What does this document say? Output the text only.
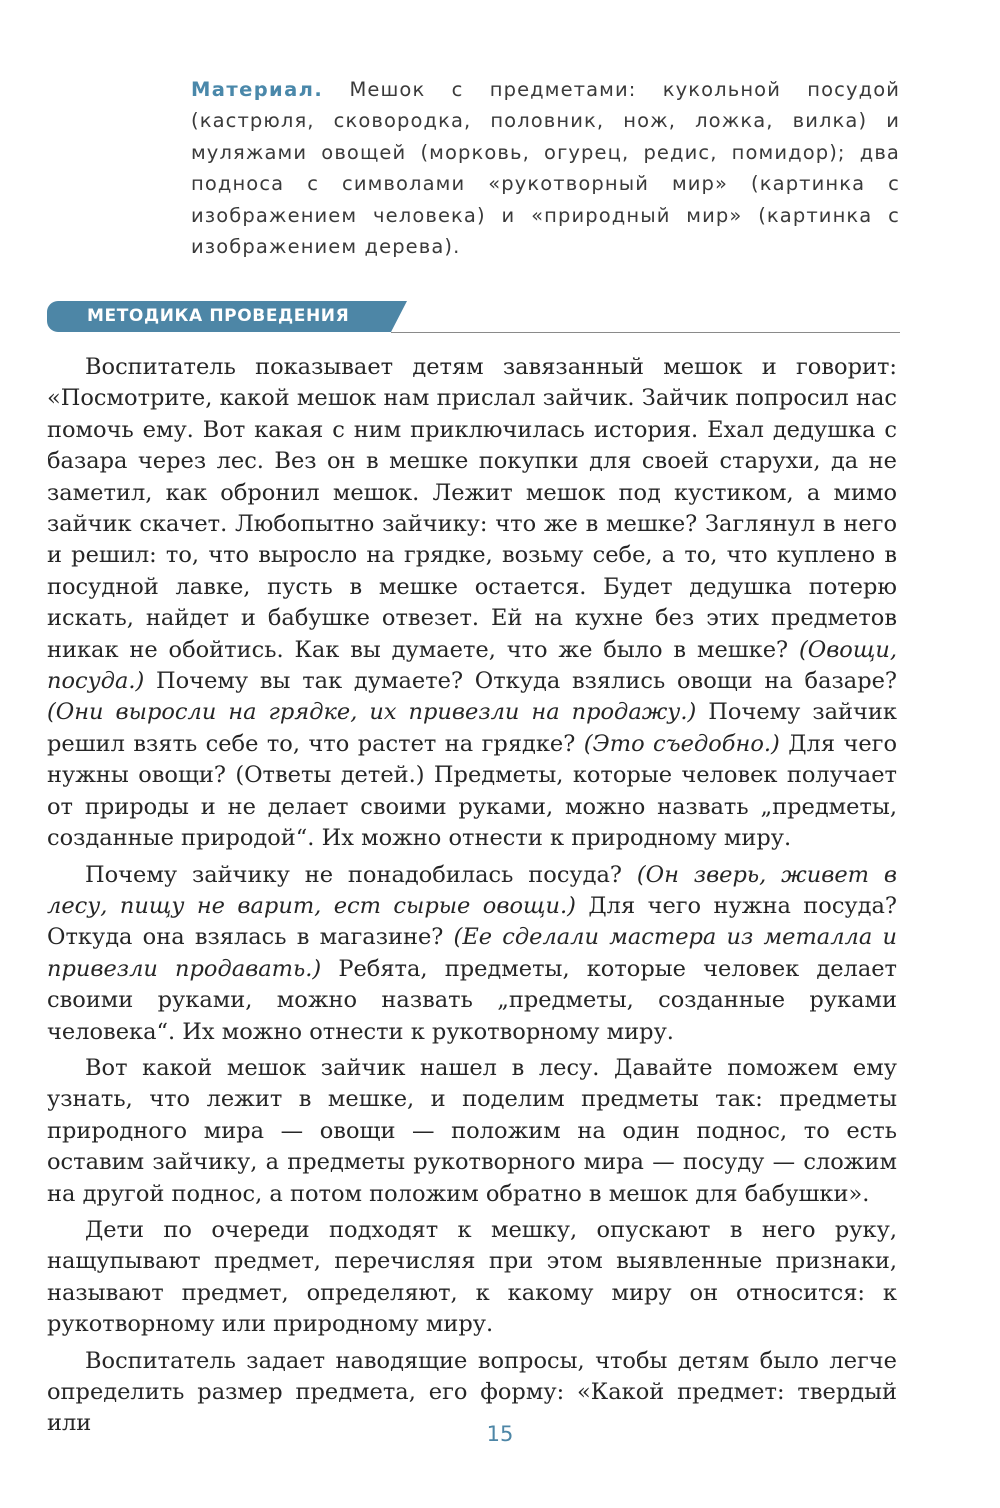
Материал. Мешок с предметами: кукольной посудой (кастрюля, сковородка, половник, нож, ложка, вилка) и муляжами овощей (морковь, огурец, редис, помидор); два подноса с символами «рукотворный мир» (картинка с изображением человека) и «природный мир» (картинка с изображением дерева).
МЕТОДИКА ПРОВЕДЕНИЯ

Воспитатель показывает детям завязанный мешок и говорит: «Посмотрите, какой мешок нам прислал зайчик. Зайчик попросил нас помочь ему. Вот какая с ним приключилась история. Ехал дедушка с базара через лес. Вез он в мешке покупки для своей старухи, да не заметил, как обронил мешок. Лежит мешок под кустиком, а мимо зайчик скачет. Любопытно зайчику: что же в мешке? Заглянул в него и решил: то, что выросло на грядке, возьму себе, а то, что куплено в посудной лавке, пусть в мешке остается. Будет дедушка потерю искать, найдет и бабушке отвезет. Ей на кухне без этих предметов никак не обойтись. Как вы думаете, что же было в мешке? (Овощи, посуда.) Почему вы так думаете? Откуда взялись овощи на базаре? (Они выросли на грядке, их привезли на продажу.) Почему зайчик решил взять себе то, что растет на грядке? (Это съедобно.) Для чего нужны овощи? (Ответы детей.) Предметы, которые человек получает от природы и не делает своими руками, можно назвать „предметы, созданные природой“. Их можно отнести к природному миру.

Почему зайчику не понадобилась посуда? (Он зверь, живет в лесу, пищу не варит, ест сырые овощи.) Для чего нужна посуда? Откуда она взялась в магазине? (Ее сделали мастера из металла и привезли продавать.) Ребята, предметы, которые человек делает своими руками, можно назвать „предметы, созданные руками человека“. Их можно отнести к рукотворному миру.

Вот какой мешок зайчик нашел в лесу. Давайте поможем ему узнать, что лежит в мешке, и поделим предметы так: предметы природного мира — овощи — положим на один поднос, то есть оставим зайчику, а предметы рукотворного мира — посуду — сложим на другой поднос, а потом положим обратно в мешок для бабушки».

Дети по очереди подходят к мешку, опускают в него руку, нащупывают предмет, перечисляя при этом выявленные признаки, называют предмет, определяют, к какому миру он относится: к рукотворному или природному миру.

Воспитатель задает наводящие вопросы, чтобы детям было легче определить размер предмета, его форму: «Какой предмет: твердый или	15
